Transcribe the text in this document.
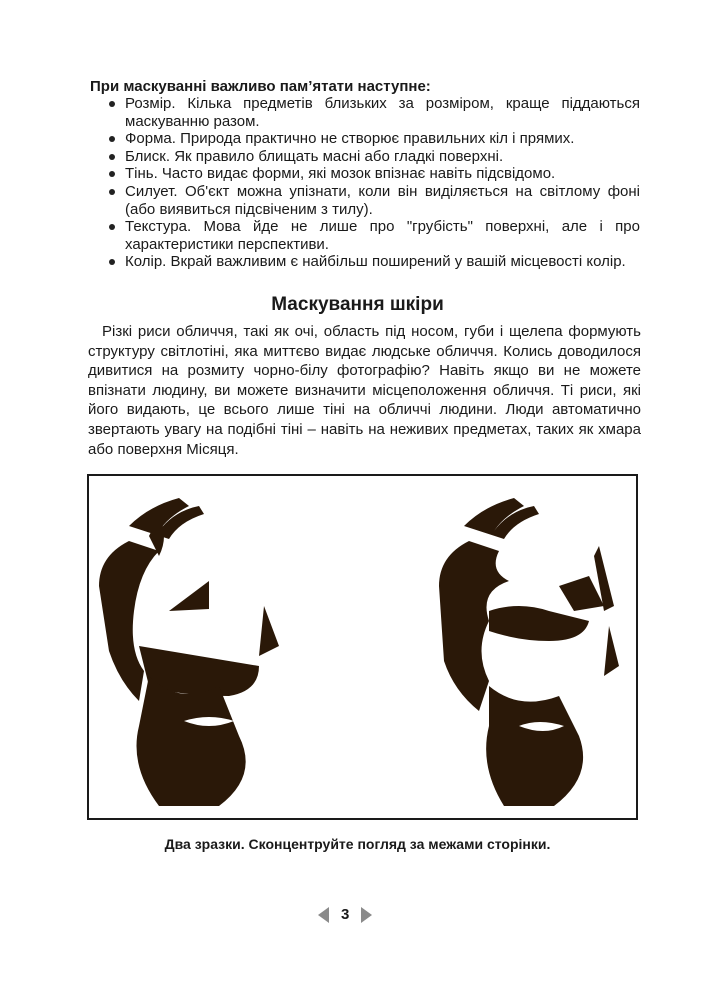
При маскуванні важливо пам’ятати наступне:
Розмір. Кілька предметів близьких за розміром, краще піддаються маскуванню разом.
Форма. Природа практично не створює правильних кіл і прямих.
Блиск. Як правило блищать масні або гладкі поверхні.
Тінь. Часто видає форми, які мозок впізнає навіть підсвідомо.
Силует. Об'єкт можна упізнати, коли він виділяється на світлому фоні (або виявиться підсвіченим з тилу).
Текстура. Мова йде не лише про "грубість" поверхні, але і про характеристики перспективи.
Колір. Вкрай важливим є найбільш поширений у вашій місцевості колір.
Маскування шкіри

Різкі риси обличчя, такі як очі, область під носом, губи і щелепа формують структуру світлотіні, яка миттєво видає людське обличчя. Колись доводилося дивитися на розмиту чорно-білу фотографію? Навіть якщо ви не можете впізнати людину, ви можете визначити місцеположення обличчя. Ті риси, які його видають, це всього лише тіні на обличчі людини. Люди автоматично звертають увагу на подібні тіні – навіть на неживих предметах, таких як хмара або поверхня Місяця.

Два зразки. Сконцентруйте погляд за межами сторінки.
3
